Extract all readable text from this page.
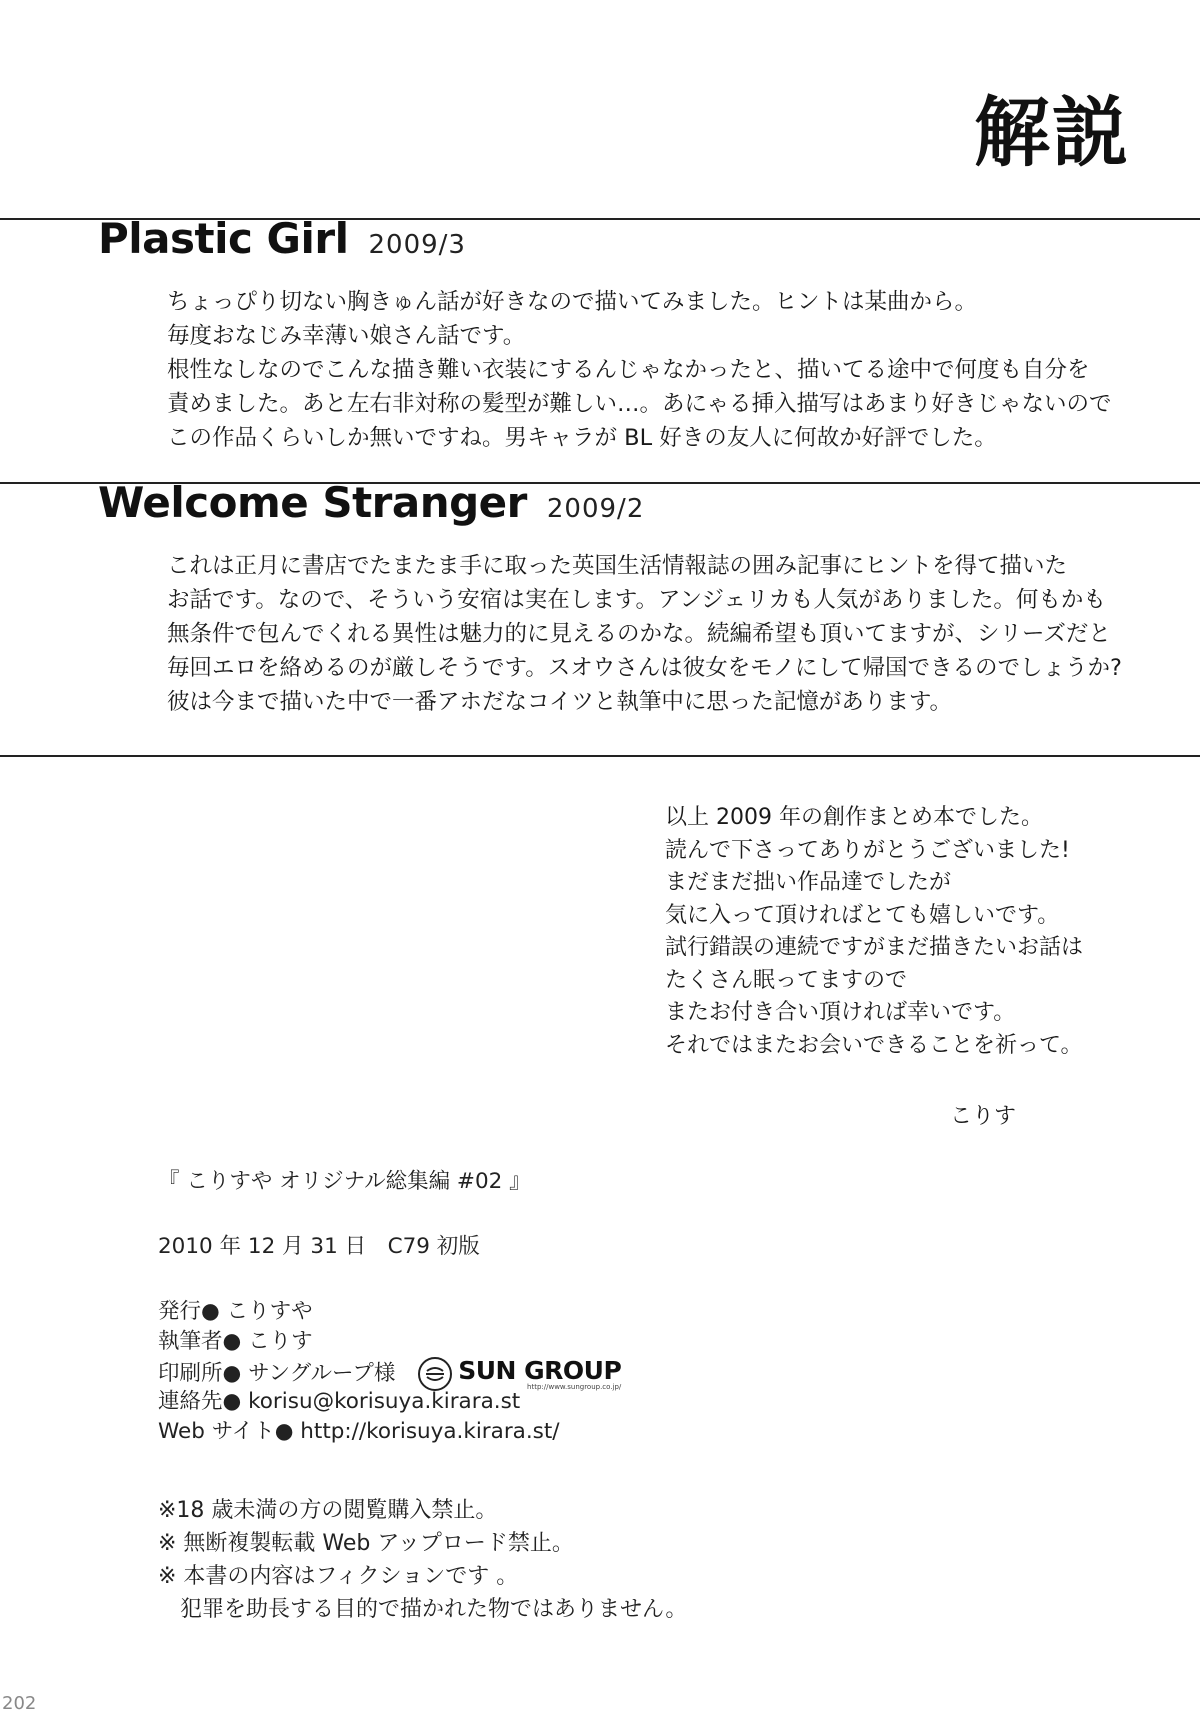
解説
Plastic Girl 2009/3
ちょっぴり切ない胸きゅん話が好きなので描いてみました。ヒントは某曲から。
毎度おなじみ幸薄い娘さん話です。
根性なしなのでこんな描き難い衣装にするんじゃなかったと、描いてる途中で何度も自分を
責めました。あと左右非対称の髪型が難しい…。あにゃる挿入描写はあまり好きじゃないので
この作品くらいしか無いですね。男キャラが BL 好きの友人に何故か好評でした。
Welcome Stranger 2009/2
これは正月に書店でたまたま手に取った英国生活情報誌の囲み記事にヒントを得て描いた
お話です。なので、そういう安宿は実在します。アンジェリカも人気がありました。何もかも
無条件で包んでくれる異性は魅力的に見えるのかな。続編希望も頂いてますが、シリーズだと
毎回エロを絡めるのが厳しそうです。スオウさんは彼女をモノにして帰国できるのでしょうか?
彼は今まで描いた中で一番アホだなコイツと執筆中に思った記憶があります。
以上 2009 年の創作まとめ本でした。
読んで下さってありがとうございました!
まだまだ拙い作品達でしたが
気に入って頂ければとても嬉しいです。
試行錯誤の連続ですがまだ描きたいお話は
たくさん眠ってますので
またお付き合い頂ければ幸いです。
それではまたお会いできることを祈って。
こりす
『 こりすや オリジナル総集編 #02 』
2010 年 12 月 31 日　C79 初版
発行● こりすや
執筆者● こりす
印刷所● サングループ様	SUN GROUP
http://www.sungroup.co.jp/
連絡先● korisu@korisuya.kirara.st
Web サイト● http://korisuya.kirara.st/
※18 歳未満の方の閲覧購入禁止。
※ 無断複製転載 Web アップロード禁止。
※ 本書の内容はフィクションです 。
　犯罪を助長する目的で描かれた物ではありません。
202
